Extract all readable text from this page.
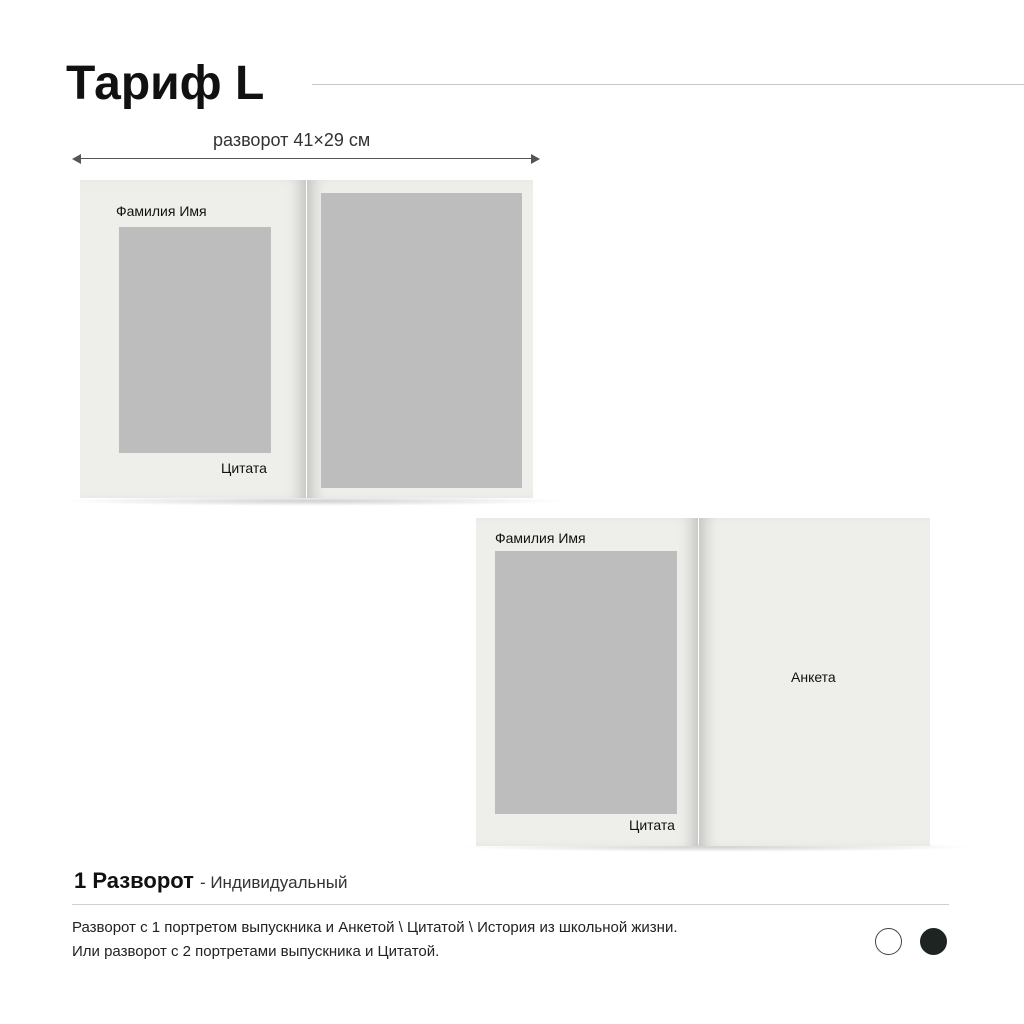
Тариф L
разворот 41×29 см
Фамилия Имя
Цитата
Фамилия Имя
Цитата
Анкета
1 Разворот - Индивидуальный
Разворот с 1 портретом выпускника и Анкетой \ Цитатой \ История из школьной жизни.
Или разворот с 2 портретами выпускника и Цитатой.
